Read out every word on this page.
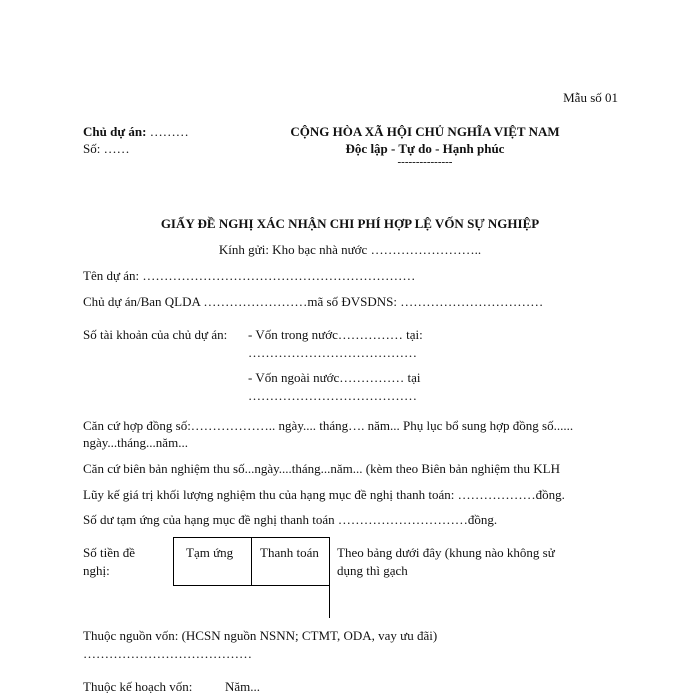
Mẫu số 01
Chủ dự án: ………
Số: ……
CỘNG HÒA XÃ HỘI CHỦ NGHĨA VIỆT NAM
Độc lập - Tự do - Hạnh phúc
---------------
GIẤY ĐỀ NGHỊ XÁC NHẬN CHI PHÍ HỢP LỆ VỐN SỰ NGHIỆP
Kính gửi: Kho bạc nhà nước ……………………..
Tên dự án: ………………………………………………………
Chủ dự án/Ban QLDA ……………………mã số ĐVSDNS: ……………………………
Số tài khoản của chủ dự án: - Vốn trong nước…………… tại:
…………………………………
- Vốn ngoài nước…………… tại
…………………………………
Căn cứ hợp đồng số:……………….. ngày.... tháng…. năm... Phụ lục bổ sung hợp đồng số......
ngày...tháng...năm...
Căn cứ biên bản nghiệm thu số...ngày....tháng...năm... (kèm theo Biên bản nghiệm thu KLH
Lũy kế giá trị khối lượng nghiệm thu của hạng mục đề nghị thanh toán: ………………đồng.
Số dư tạm ứng của hạng mục đề nghị thanh toán …………………………đồng.
Số tiền đề
nghị:
Tạm ứng Thanh toán Theo bảng dưới đây (khung nào không sử
dụng thì gạch
Thuộc nguồn vốn: (HCSN nguồn NSNN; CTMT, ODA, vay ưu đãi)
…………………………………
Thuộc kế hoạch vốn:	Năm...
